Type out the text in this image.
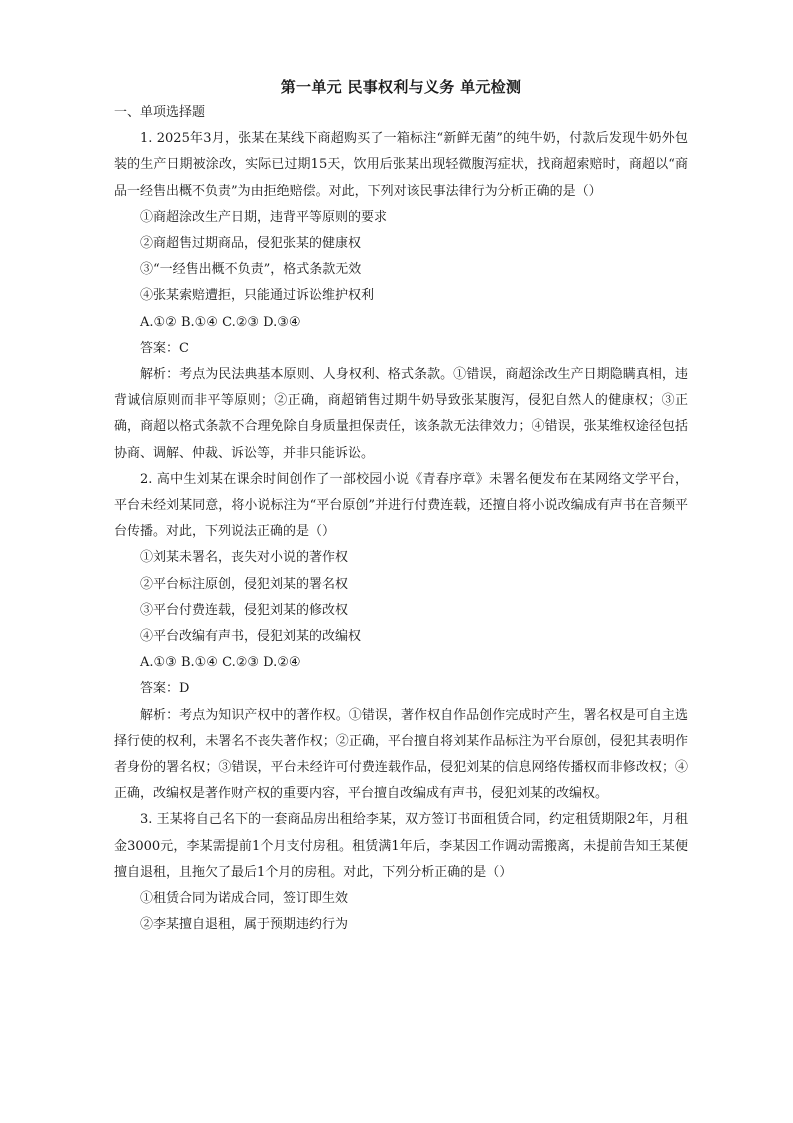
第一单元 民事权利与义务 单元检测

一、单项选择题

1. 2025年3月，张某在某线下商超购买了一箱标注“新鲜无菌”的纯牛奶，付款后发现牛奶外包装的生产日期被涂改，实际已过期15天，饮用后张某出现轻微腹泻症状，找商超索赔时，商超以“商品一经售出概不负责”为由拒绝赔偿。对此，下列对该民事法律行为分析正确的是（）

①商超涂改生产日期，违背平等原则的要求

②商超售过期商品，侵犯张某的健康权

③“一经售出概不负责”，格式条款无效

④张某索赔遭拒，只能通过诉讼维护权利

A.①② B.①④ C.②③ D.③④

答案：C

解析：考点为民法典基本原则、人身权利、格式条款。①错误，商超涂改生产日期隐瞒真相，违背诚信原则而非平等原则；②正确，商超销售过期牛奶导致张某腹泻，侵犯自然人的健康权；③正确，商超以格式条款不合理免除自身质量担保责任，该条款无法律效力；④错误，张某维权途径包括协商、调解、仲裁、诉讼等，并非只能诉讼。

2. 高中生刘某在课余时间创作了一部校园小说《青春序章》未署名便发布在某网络文学平台，平台未经刘某同意，将小说标注为“平台原创”并进行付费连载，还擅自将小说改编成有声书在音频平台传播。对此，下列说法正确的是（）

①刘某未署名，丧失对小说的著作权

②平台标注原创，侵犯刘某的署名权

③平台付费连载，侵犯刘某的修改权

④平台改编有声书，侵犯刘某的改编权

A.①③ B.①④ C.②③ D.②④

答案：D

解析：考点为知识产权中的著作权。①错误，著作权自作品创作完成时产生，署名权是可自主选择行使的权利，未署名不丧失著作权；②正确，平台擅自将刘某作品标注为平台原创，侵犯其表明作者身份的署名权；③错误，平台未经许可付费连载作品，侵犯刘某的信息网络传播权而非修改权；④正确，改编权是著作财产权的重要内容，平台擅自改编成有声书，侵犯刘某的改编权。

3. 王某将自己名下的一套商品房出租给李某，双方签订书面租赁合同，约定租赁期限2年，月租金3000元，李某需提前1个月支付房租。租赁满1年后，李某因工作调动需搬离，未提前告知王某便擅自退租，且拖欠了最后1个月的房租。对此，下列分析正确的是（）

①租赁合同为诺成合同，签订即生效

②李某擅自退租，属于预期违约行为
